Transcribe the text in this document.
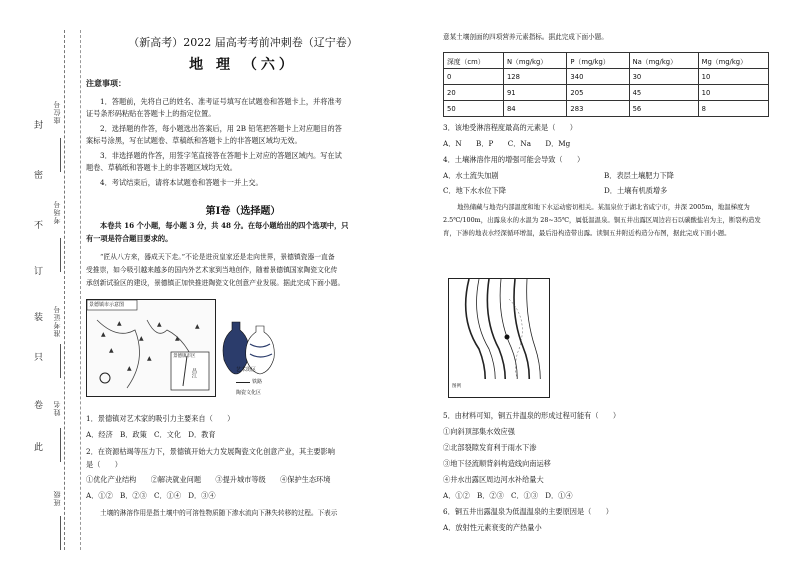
封
密
不
订
装
只
卷
此
座位号
考场号
准考证号
姓名
班级
（新高考）2022 届高考考前冲刺卷（辽宁卷）
地 理 （六）
注意事项：
1．答题前，先将自己的姓名、准考证号填写在试题卷和答题卡上，并将准考
证号条形码粘贴在答题卡上的指定位置。
2．选择题的作答，每小题选出答案后，用 2B 铅笔把答题卡上对应题目的答
案标号涂黑，写在试题卷、草稿纸和答题卡上的非答题区域均无效。
3．非选择题的作答，用签字笔直接答在答题卡上对应的答题区域内。写在试
题卷、草稿纸和答题卡上的非答题区域均无效。
4．考试结束后，请将本试题卷和答题卡一并上交。
第Ⅰ卷（选择题）
本卷共 16 个小题，每小题 3 分，共 48 分。在每小题给出的四个选项中，只
有一项是符合题目要求的。
“匠从八方来，器成天下走。”不论是进贡皇家还是走向世界，景德镇瓷器一直备
受推崇，如今吸引越来越多的国内外艺术家到当地创作，随着景德镇国家陶瓷文化传
承创新试验区的建设，景德镇正加快推进陶瓷文化创意产业发展。据此完成下面小题。
▲
▲
▲
▲
▲
▲
▲
▲
▲
景德镇市示意图
景德镇市区
昌江	艺术街区
铁路
陶瓷文化区
1．景德镇对艺术家的吸引力主要来自（　　）
A．经济　B．政策　C．文化　D．教育
2．在资源枯竭等压力下，景德镇开始大力发展陶瓷文化创意产业，其主要影响
是（　　）
①优化产业结构　　②解决就业问题　　③提升城市等级　　④保护生态环境
A．①②　B．②③　C．①④　D．③④
土壤的淋溶作用是指土壤中的可溶性物质随下渗水流向下淋失转移的过程。下表示
意某土壤剖面的四项营养元素指标。据此完成下面小题。
深度（cm）	N（mg/kg）	P（mg/kg）	Na（mg/kg）	Mg（mg/kg）
0	128	340	30	10
20	91	205	45	10
50	84	283	56	8
3．该地受淋溶程度最高的元素是（　　）
A．N　　B．P　　C．Na　　D．Mg
4．土壤淋溶作用的增强可能会导致（　　）
A．水土流失加剧	B．表层土壤肥力下降
C．地下水水位下降	D．土壤有机质增多
地热储藏与地壳内部温度和地下水运动密切相关。某温泉位于湖北省咸宁市，井深 2005m，地温梯度为 2.5℃/100m，出露泉水的水温为 28~35℃，属低温温泉。铜五井出露区周边岩石以碳酸盐岩为主，断裂构造发育，下渗的地表水经深循环增温，最后沿构造带出露。读铜五井附近构造分布图，据此完成下面小题。
图例
5．由材料可知，铜五井温泉的形成过程可能有（　　）
①向斜顶部集水效应强
②北部裂隙发育利于雨水下渗
③地下径流顺背斜构造线向南运移
④井水出露区周边河水补给量大
A．①②　B．②③　C．①③　D．①④
6．铜五井出露温泉为低温温泉的主要原因是（　　）
A．放射性元素衰变的产热量小
